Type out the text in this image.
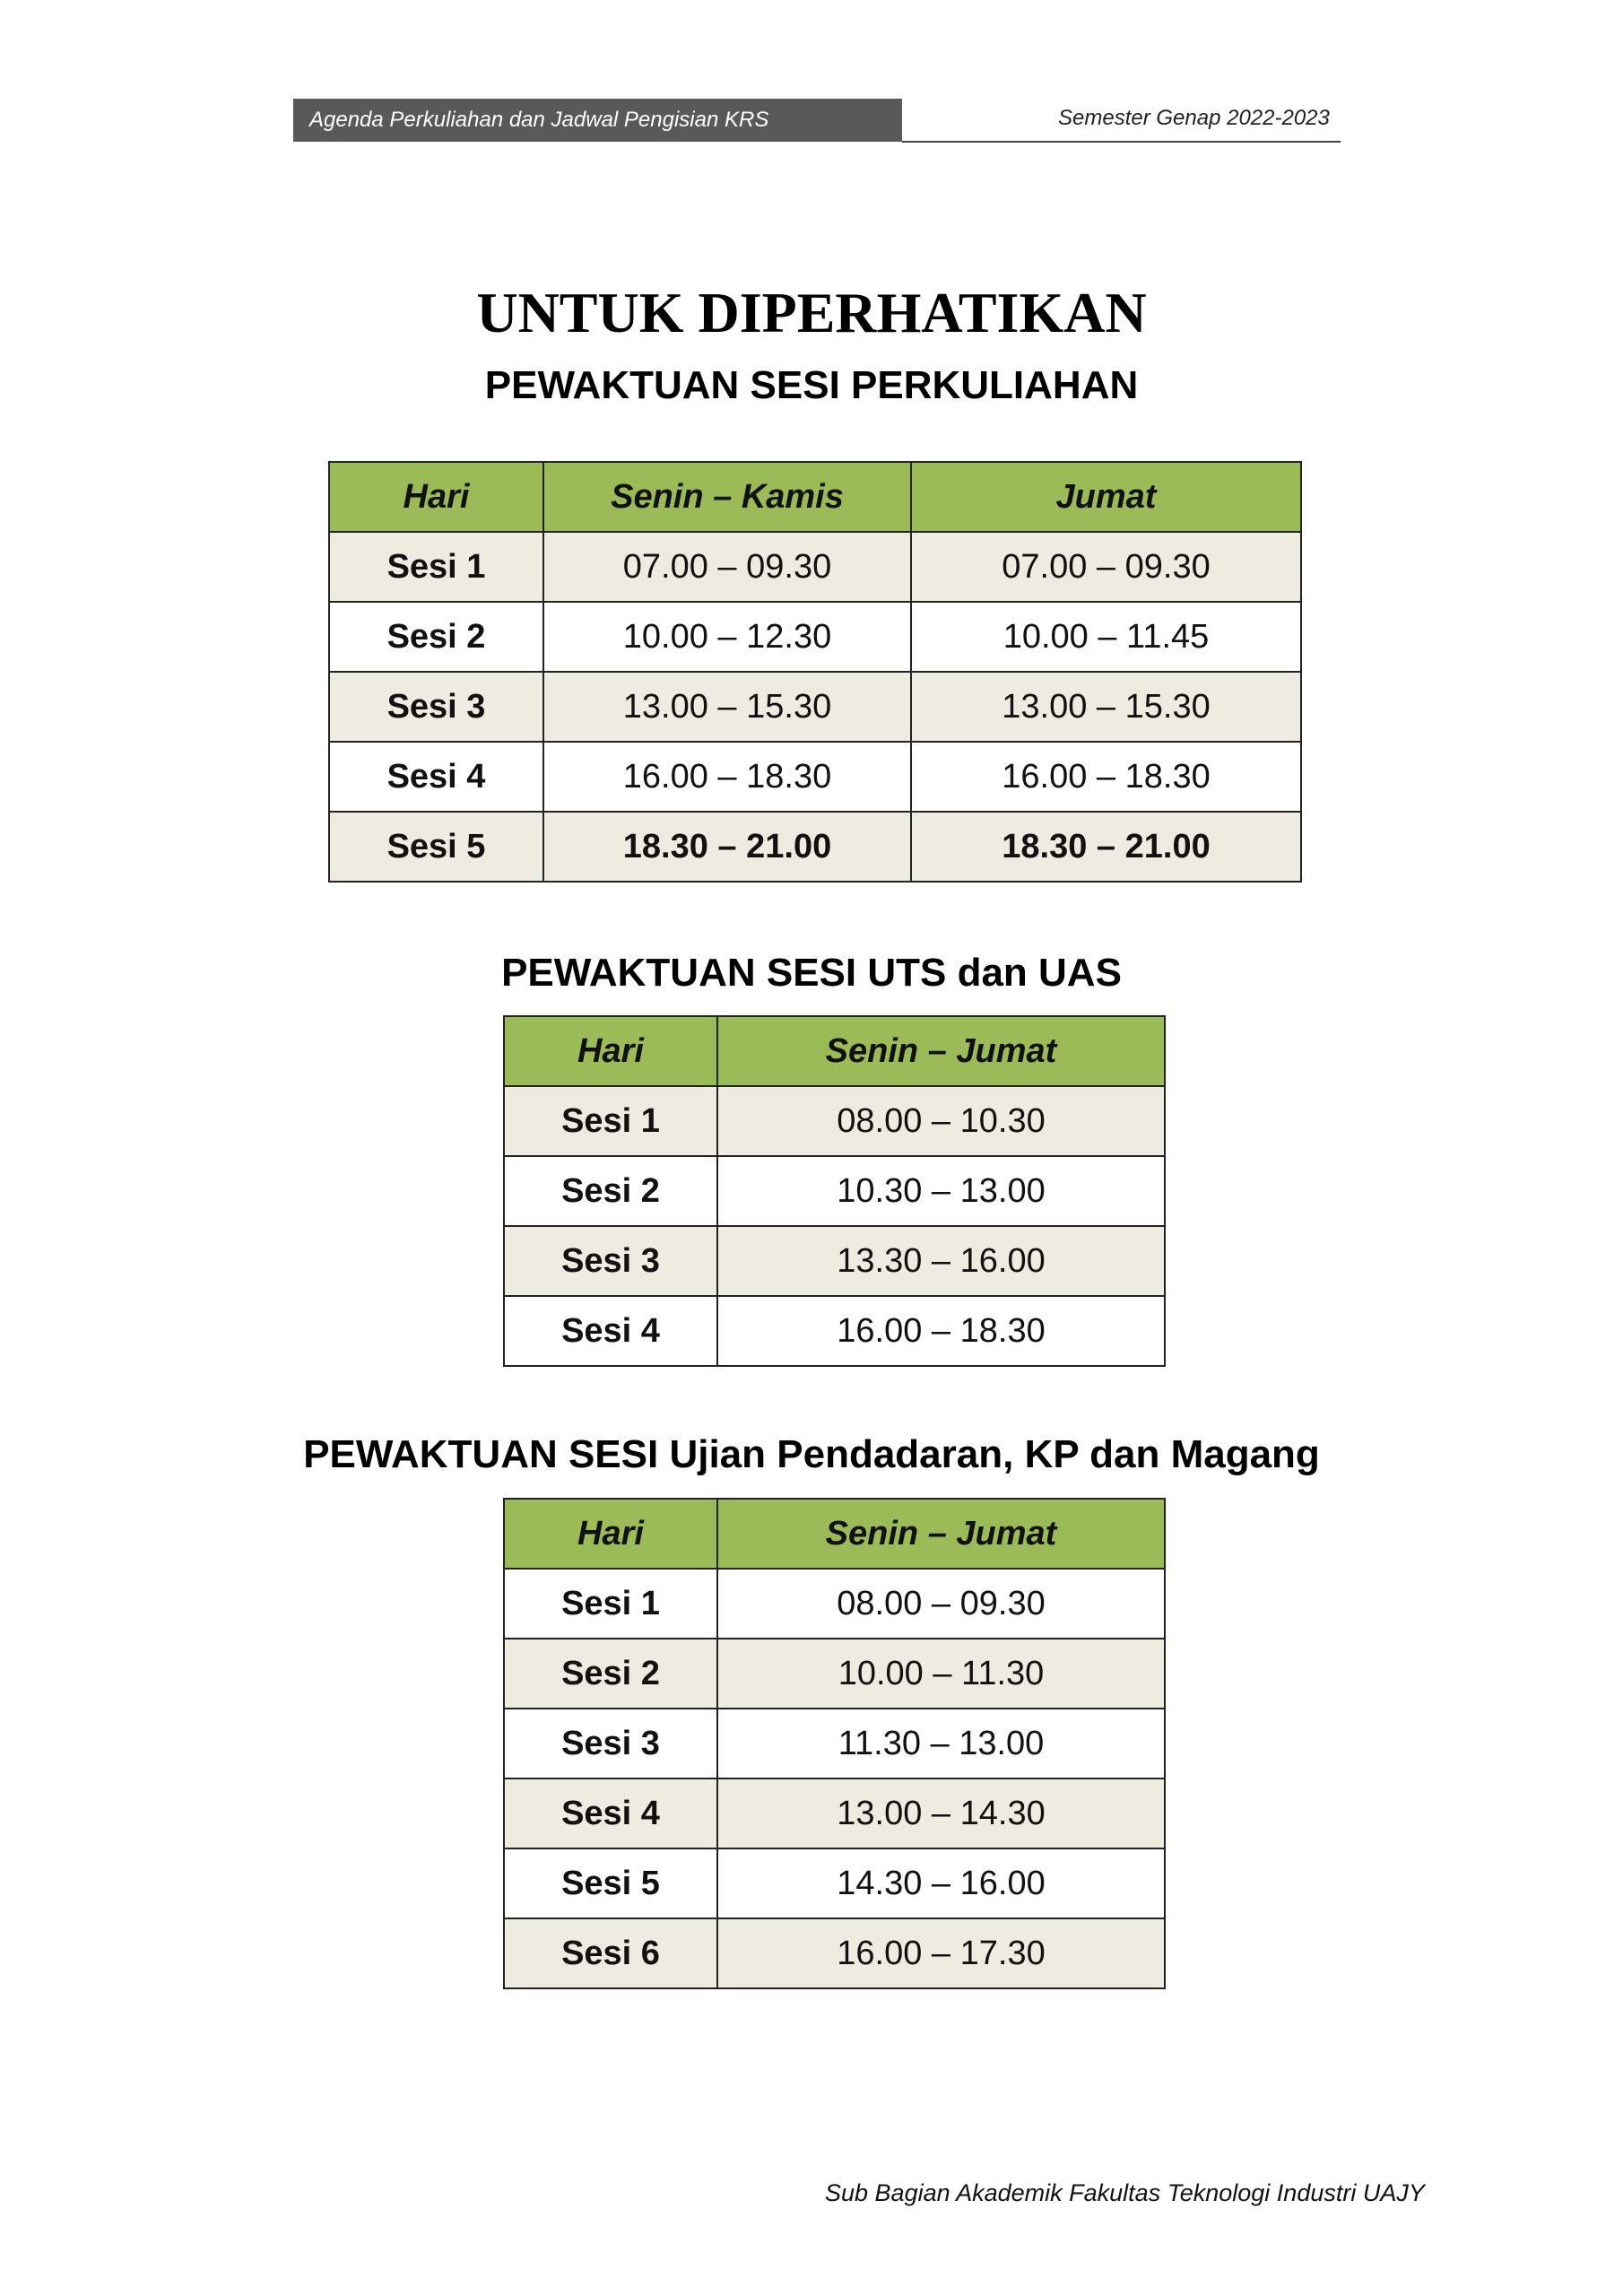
Agenda Perkuliahan dan Jadwal Pengisian KRS	Semester Genap 2022-2023
UNTUK DIPERHATIKAN
PEWAKTUAN SESI PERKULIAHAN
Hari	Senin – Kamis	Jumat
Sesi 1	07.00 – 09.30	07.00 – 09.30
Sesi 2	10.00 – 12.30	10.00 – 11.45
Sesi 3	13.00 – 15.30	13.00 – 15.30
Sesi 4	16.00 – 18.30	16.00 – 18.30
Sesi 5	18.30 – 21.00	18.30 – 21.00
PEWAKTUAN SESI UTS dan UAS
Hari	Senin – Jumat
Sesi 1	08.00 – 10.30
Sesi 2	10.30 – 13.00
Sesi 3	13.30 – 16.00
Sesi 4	16.00 – 18.30
PEWAKTUAN SESI Ujian Pendadaran, KP dan Magang
Hari	Senin – Jumat
Sesi 1	08.00 – 09.30
Sesi 2	10.00 – 11.30
Sesi 3	11.30 – 13.00
Sesi 4	13.00 – 14.30
Sesi 5	14.30 – 16.00
Sesi 6	16.00 – 17.30
Sub Bagian Akademik Fakultas Teknologi Industri UAJY
